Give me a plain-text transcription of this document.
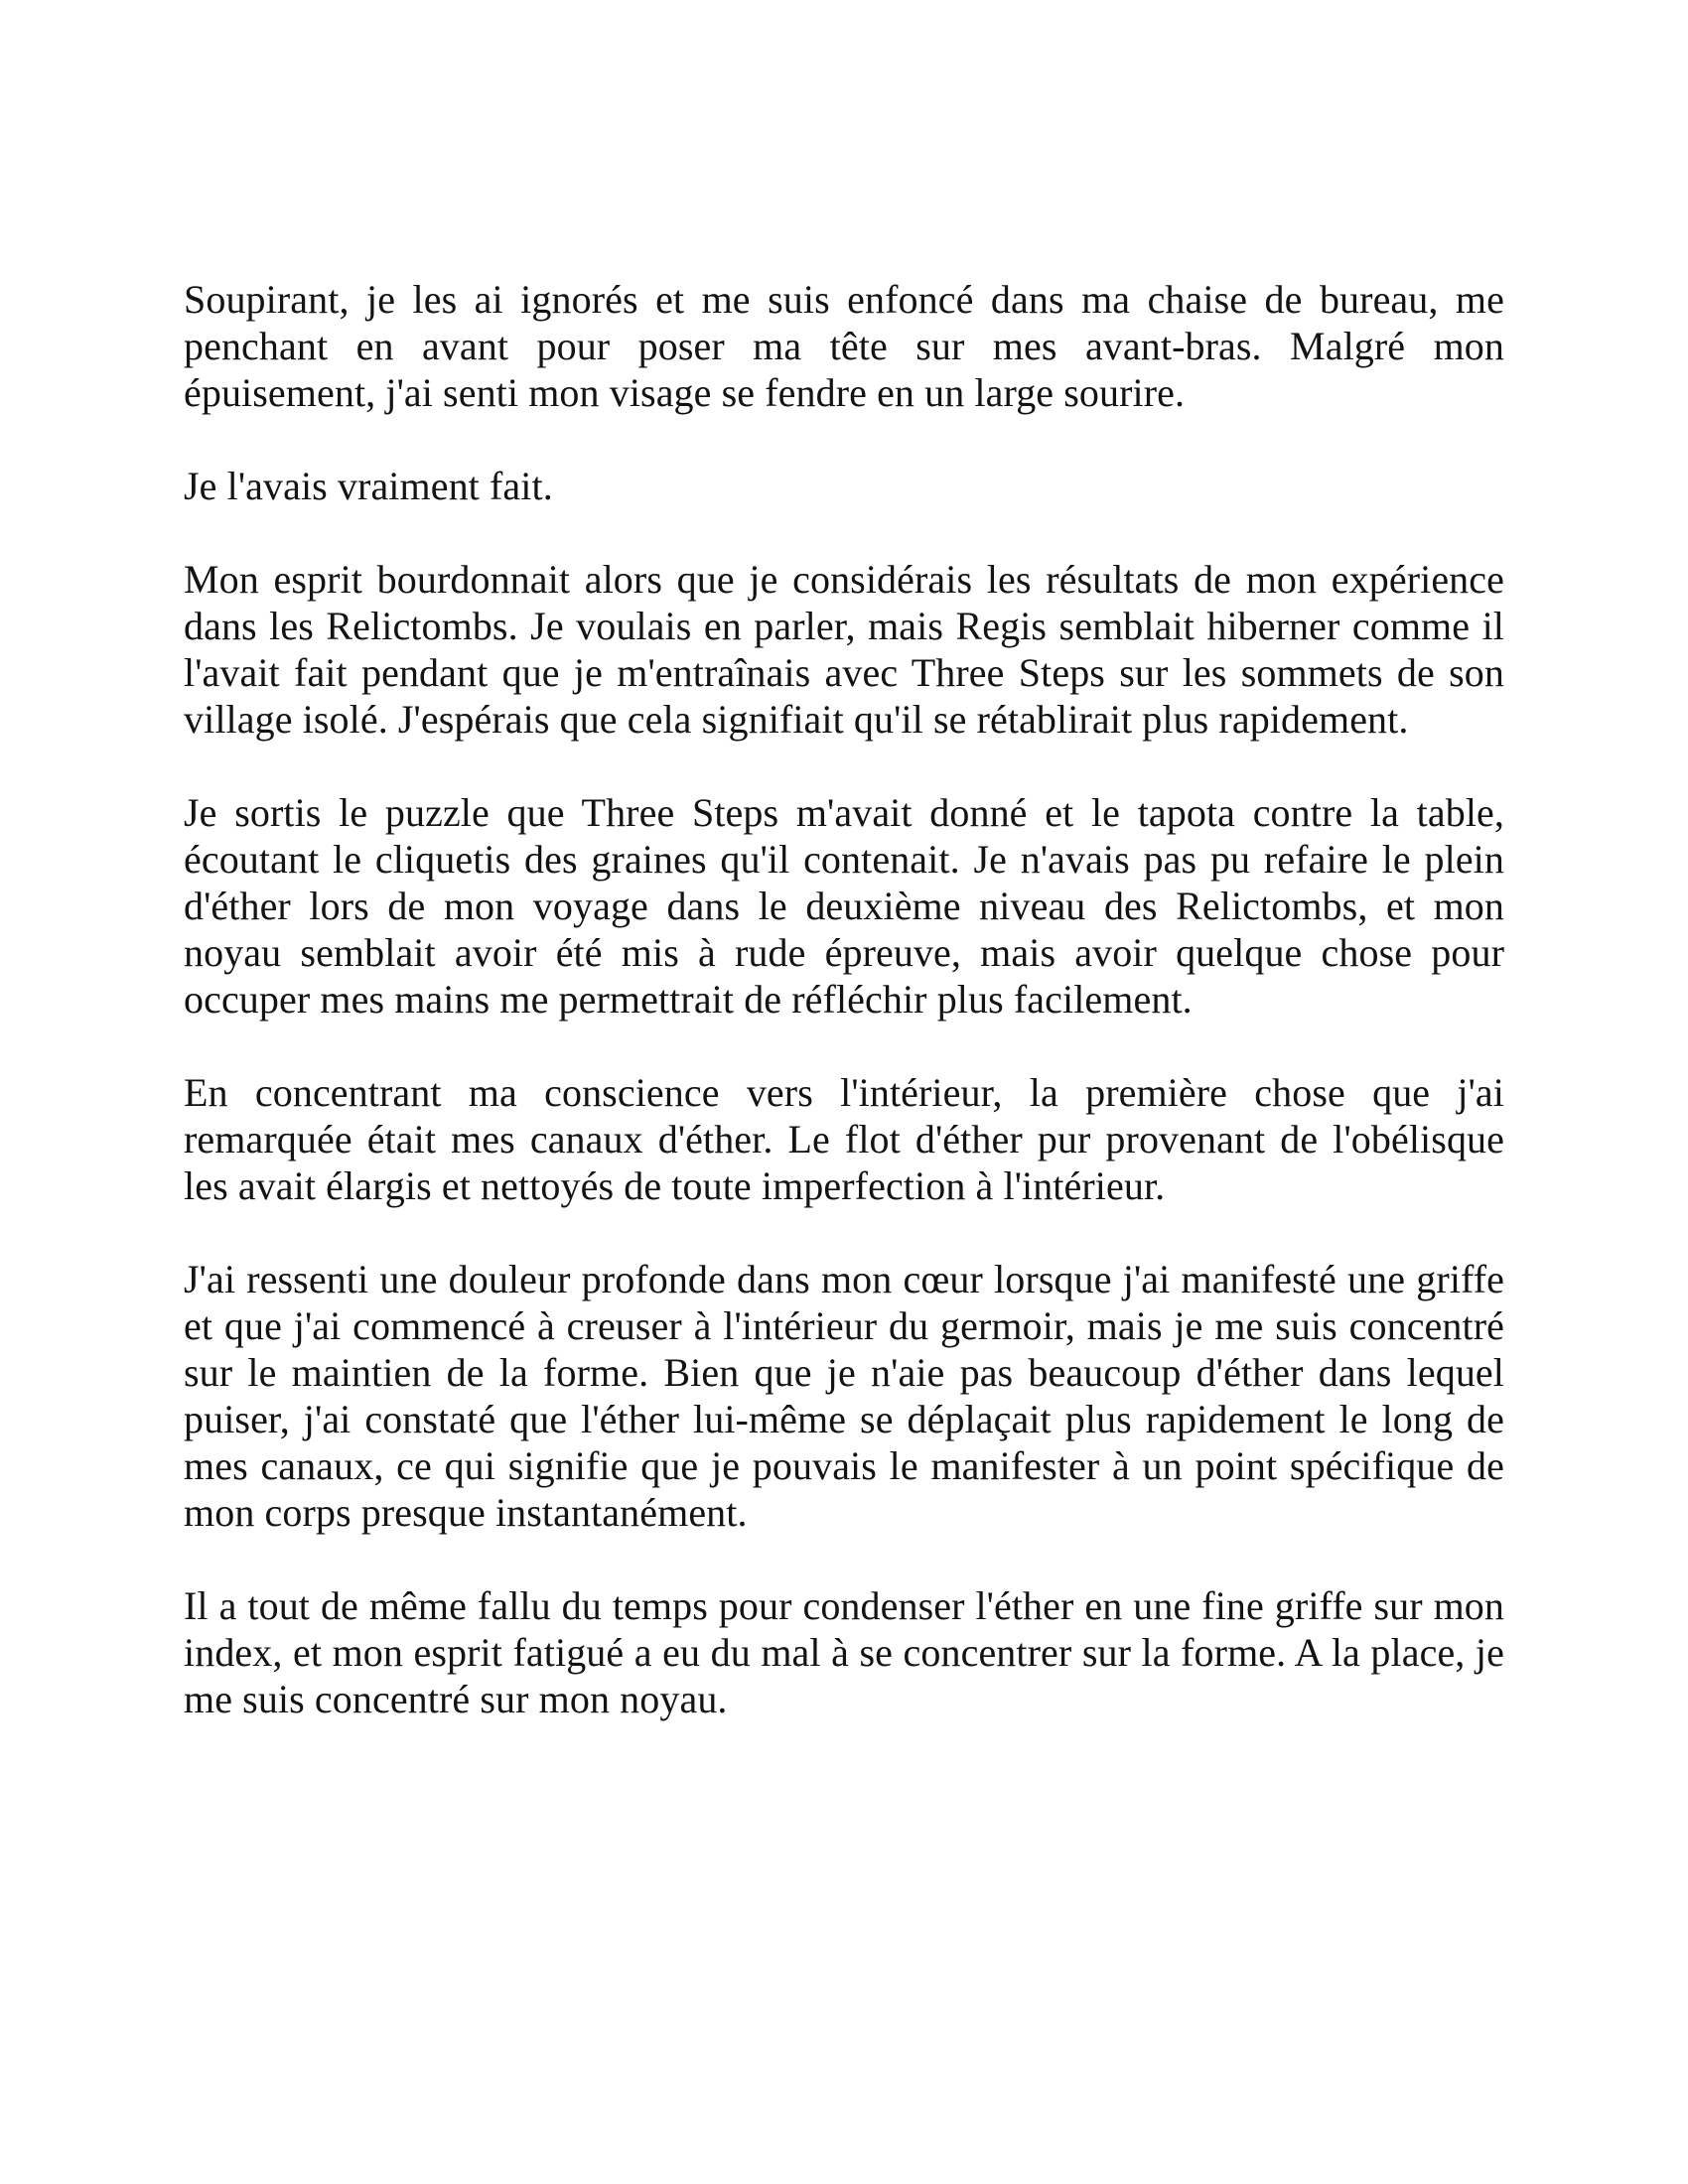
Soupirant, je les ai ignorés et me suis enfoncé dans ma chaise de bureau, me penchant en avant pour poser ma tête sur mes avant-bras. Malgré mon épuisement, j'ai senti mon visage se fendre en un large sourire.

Je l'avais vraiment fait.

Mon esprit bourdonnait alors que je considérais les résultats de mon expérience dans les Relictombs. Je voulais en parler, mais Regis semblait hiberner comme il l'avait fait pendant que je m'entraînais avec Three Steps sur les sommets de son village isolé. J'espérais que cela signifiait qu'il se rétablirait plus rapidement.

Je sortis le puzzle que Three Steps m'avait donné et le tapota contre la table, écoutant le cliquetis des graines qu'il contenait. Je n'avais pas pu refaire le plein d'éther lors de mon voyage dans le deuxième niveau des Relictombs, et mon noyau semblait avoir été mis à rude épreuve, mais avoir quelque chose pour occuper mes mains me permettrait de réfléchir plus facilement.

En concentrant ma conscience vers l'intérieur, la première chose que j'ai remarquée était mes canaux d'éther. Le flot d'éther pur provenant de l'obélisque les avait élargis et nettoyés de toute imperfection à l'intérieur.

J'ai ressenti une douleur profonde dans mon cœur lorsque j'ai manifesté une griffe et que j'ai commencé à creuser à l'intérieur du germoir, mais je me suis concentré sur le maintien de la forme. Bien que je n'aie pas beaucoup d'éther dans lequel puiser, j'ai constaté que l'éther lui-même se déplaçait plus rapidement le long de mes canaux, ce qui signifie que je pouvais le manifester à un point spécifique de mon corps presque instantanément.

Il a tout de même fallu du temps pour condenser l'éther en une fine griffe sur mon index, et mon esprit fatigué a eu du mal à se concentrer sur la forme. A la place, je me suis concentré sur mon noyau.
